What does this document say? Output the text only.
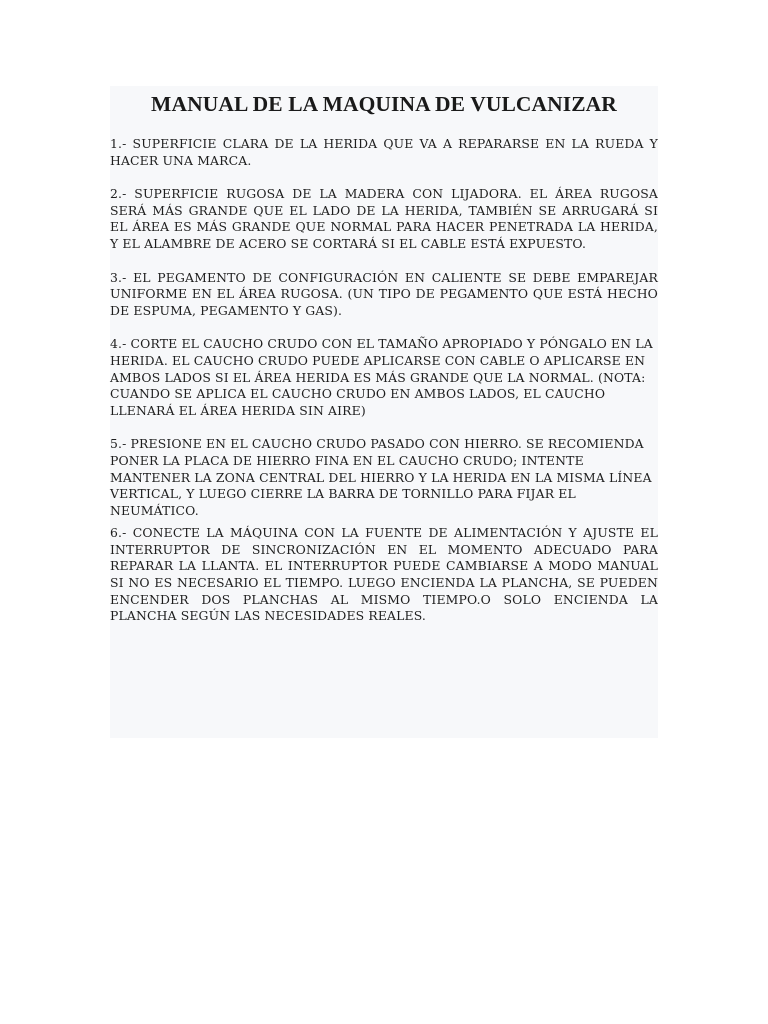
MANUAL DE LA MAQUINA DE VULCANIZAR

1.- SUPERFICIE CLARA DE LA HERIDA QUE VA A REPARARSE EN LA RUEDA Y HACER UNA MARCA.

2.- SUPERFICIE RUGOSA DE LA MADERA CON LIJADORA. EL ÁREA RUGOSA SERÁ MÁS GRANDE QUE EL LADO DE LA HERIDA, TAMBIÉN SE ARRUGARÁ SI EL ÁREA ES MÁS GRANDE QUE NORMAL PARA HACER PENETRADA LA HERIDA, Y EL ALAMBRE DE ACERO SE CORTARÁ SI EL CABLE ESTÁ EXPUESTO.

3.- EL PEGAMENTO DE CONFIGURACIÓN EN CALIENTE SE DEBE EMPAREJAR UNIFORME EN EL ÁREA RUGOSA. (UN TIPO DE PEGAMENTO QUE ESTÁ HECHO DE ESPUMA, PEGAMENTO Y GAS).

4.- CORTE EL CAUCHO CRUDO CON EL TAMAÑO APROPIADO Y PÓNGALO EN LA HERIDA. EL CAUCHO CRUDO PUEDE APLICARSE CON CABLE O APLICARSE EN AMBOS LADOS SI EL ÁREA HERIDA ES MÁS GRANDE QUE LA NORMAL. (NOTA: CUANDO SE APLICA EL CAUCHO CRUDO EN AMBOS LADOS, EL CAUCHO LLENARÁ EL ÁREA HERIDA SIN AIRE)

5.- PRESIONE EN EL CAUCHO CRUDO PASADO CON HIERRO. SE RECOMIENDA PONER LA PLACA DE HIERRO FINA EN EL CAUCHO CRUDO; INTENTE MANTENER LA ZONA CENTRAL DEL HIERRO Y LA HERIDA EN LA MISMA LÍNEA VERTICAL, Y LUEGO CIERRE LA BARRA DE TORNILLO PARA FIJAR EL NEUMÁTICO.

6.- CONECTE LA MÁQUINA CON LA FUENTE DE ALIMENTACIÓN Y AJUSTE EL INTERRUPTOR DE SINCRONIZACIÓN EN EL MOMENTO ADECUADO PARA REPARAR LA LLANTA. EL INTERRUPTOR PUEDE CAMBIARSE A MODO MANUAL SI NO ES NECESARIO EL TIEMPO. LUEGO ENCIENDA LA PLANCHA, SE PUEDEN ENCENDER DOS PLANCHAS AL MISMO TIEMPO.O SOLO ENCIENDA LA PLANCHA SEGÚN LAS NECESIDADES REALES.
